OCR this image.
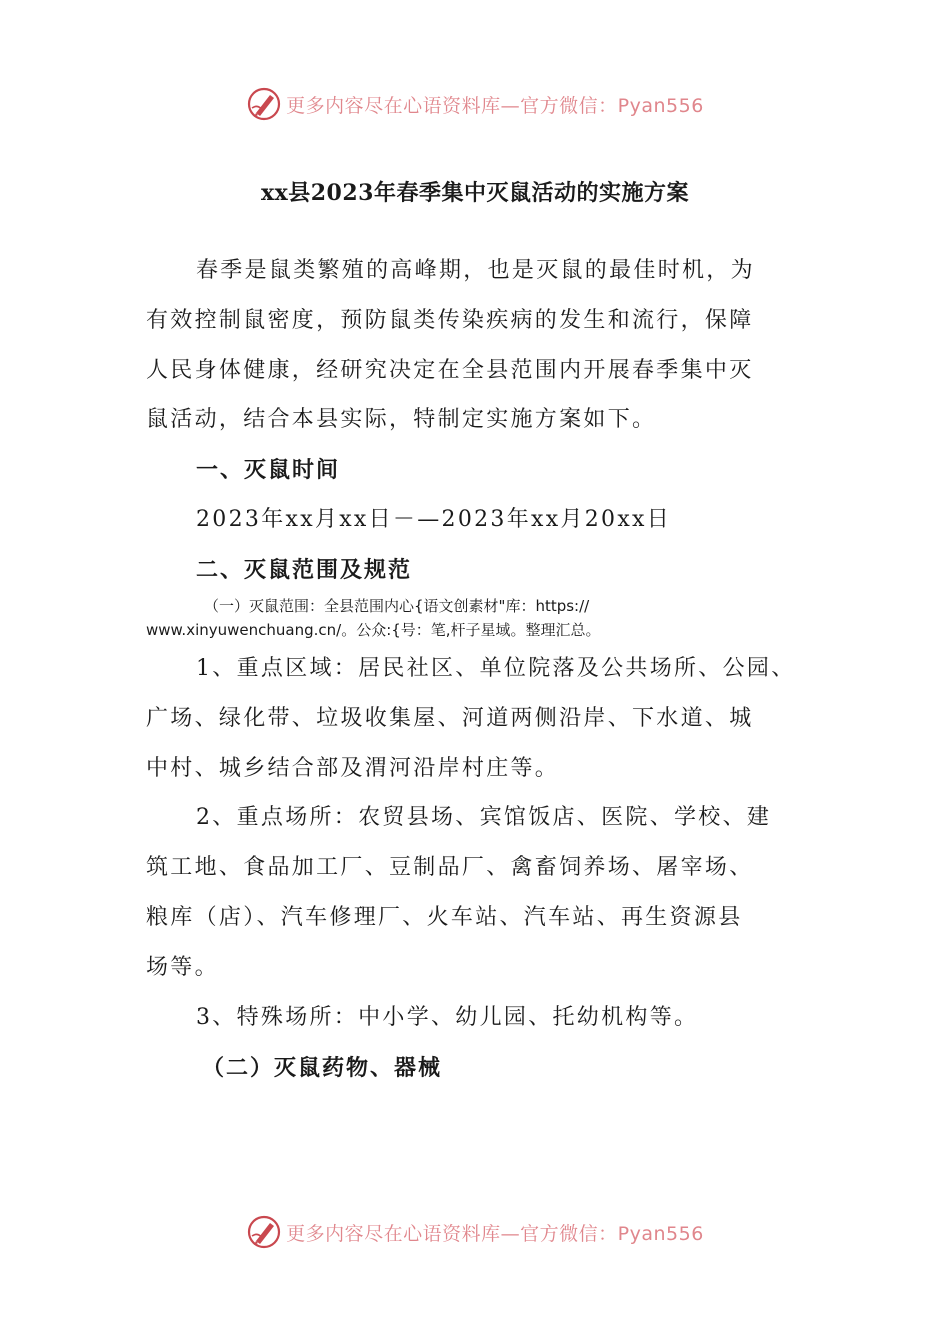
更多内容尽在心语资料库—官方微信：Pyan556
xx县2023年春季集中灭鼠活动的实施方案
春季是鼠类繁殖的高峰期，也是灭鼠的最佳时机，为
有效控制鼠密度，预防鼠类传染疾病的发生和流行，保障
人民身体健康，经研究决定在全县范围内开展春季集中灭
鼠活动，结合本县实际，特制定实施方案如下。
一、灭鼠时间
2023年xx月xx日－—2023年xx月20xx日
二、灭鼠范围及规范
（一）灭鼠范围：全县范围内心{语文创素材"库：https://
www.xinyuwenchuang.cn/。公众:{号：笔,杆子星域。整理汇总。
1、重点区域：居民社区、单位院落及公共场所、公园、
广场、绿化带、垃圾收集屋、河道两侧沿岸、下水道、城
中村、城乡结合部及渭河沿岸村庄等。
2、重点场所：农贸县场、宾馆饭店、医院、学校、建
筑工地、食品加工厂、豆制品厂、禽畜饲养场、屠宰场、
粮库（店）、汽车修理厂、火车站、汽车站、再生资源县
场等。
3、特殊场所：中小学、幼儿园、托幼机构等。
（二）灭鼠药物、器械
更多内容尽在心语资料库—官方微信：Pyan556
